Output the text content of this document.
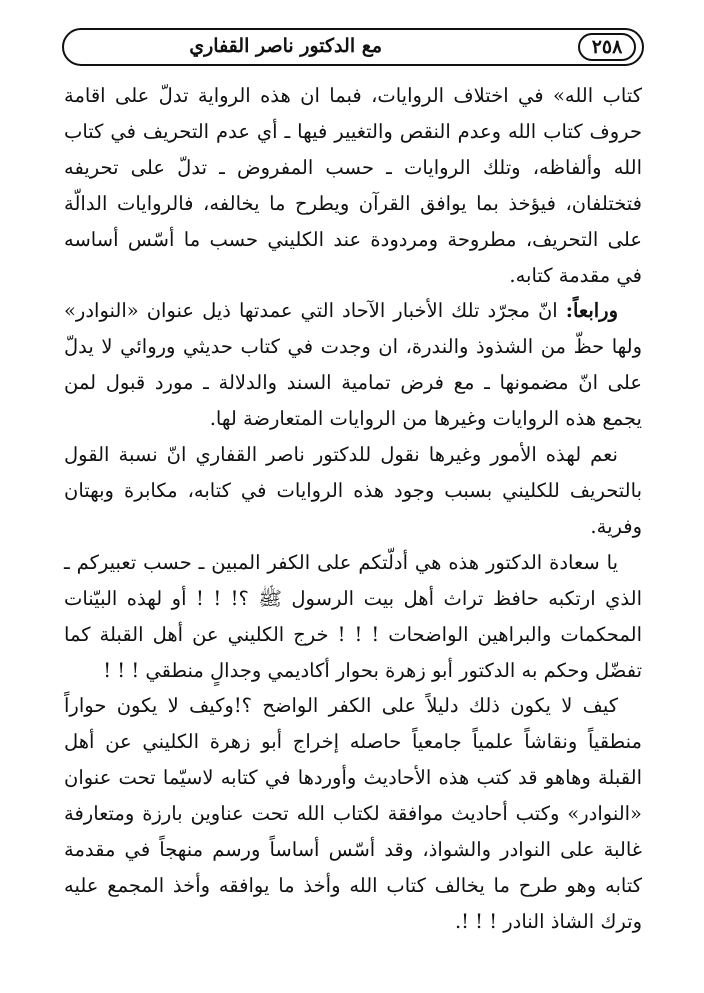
٢٥٨
مع الدكتور ناصر القفاري

كتاب الله» في اختلاف الروايات، فبما ان هذه الرواية تدلّ على اقامة حروف كتاب الله وعدم النقص والتغيير فيها ـ أي عدم التحريف في كتاب الله وألفاظه، وتلك الروايات ـ حسب المفروض ـ تدلّ على تحريفه فتختلفان، فيؤخذ بما يوافق القرآن ويطرح ما يخالفه، فالروايات الدالّة على التحريف، مطروحة ومردودة عند الكليني حسب ما أسّس أساسه في مقدمة كتابه.

ورابعاً: انّ مجرّد تلك الأخبار الآحاد التي عمدتها ذيل عنوان «النوادر» ولها حظّ من الشذوذ والندرة، ان وجدت في كتاب حديثي وروائي لا يدلّ على انّ مضمونها ـ مع فرض تمامية السند والدلالة ـ مورد قبول لمن يجمع هذه الروايات وغيرها من الروايات المتعارضة لها.

نعم لهذه الأمور وغيرها نقول للدكتور ناصر القفاري انّ نسبة القول بالتحريف للكليني بسبب وجود هذه الروايات في كتابه، مكابرة وبهتان وفرية.

يا سعادة الدكتور هذه هي أدلّتكم على الكفر المبين ـ حسب تعبيركم ـ الذي ارتكبه حافظ تراث أهل بيت الرسول ﷺ ؟! ! ! أو لهذه البيّنات المحكمات والبراهين الواضحات ! ! ! خرج الكليني عن أهل القبلة كما تفضّل وحكم به الدكتور أبو زهرة بحوار أكاديمي وجدالٍ منطقي ! ! !

كيف لا يكون ذلك دليلاً على الكفر الواضح ؟!وكيف لا يكون حواراً منطقياً ونقاشاً علمياً جامعياً حاصله إخراج أبو زهرة الكليني عن أهل القبلة وهاهو قد كتب هذه الأحاديث وأوردها في كتابه لاسيّما تحت عنوان «النوادر» وكتب أحاديث موافقة لكتاب الله تحت عناوين بارزة ومتعارفة غالبة على النوادر والشواذ، وقد أسّس أساساً ورسم منهجاً في مقدمة كتابه وهو طرح ما يخالف كتاب الله وأخذ ما يوافقه وأخذ المجمع عليه وترك الشاذ النادر ! ! !.
